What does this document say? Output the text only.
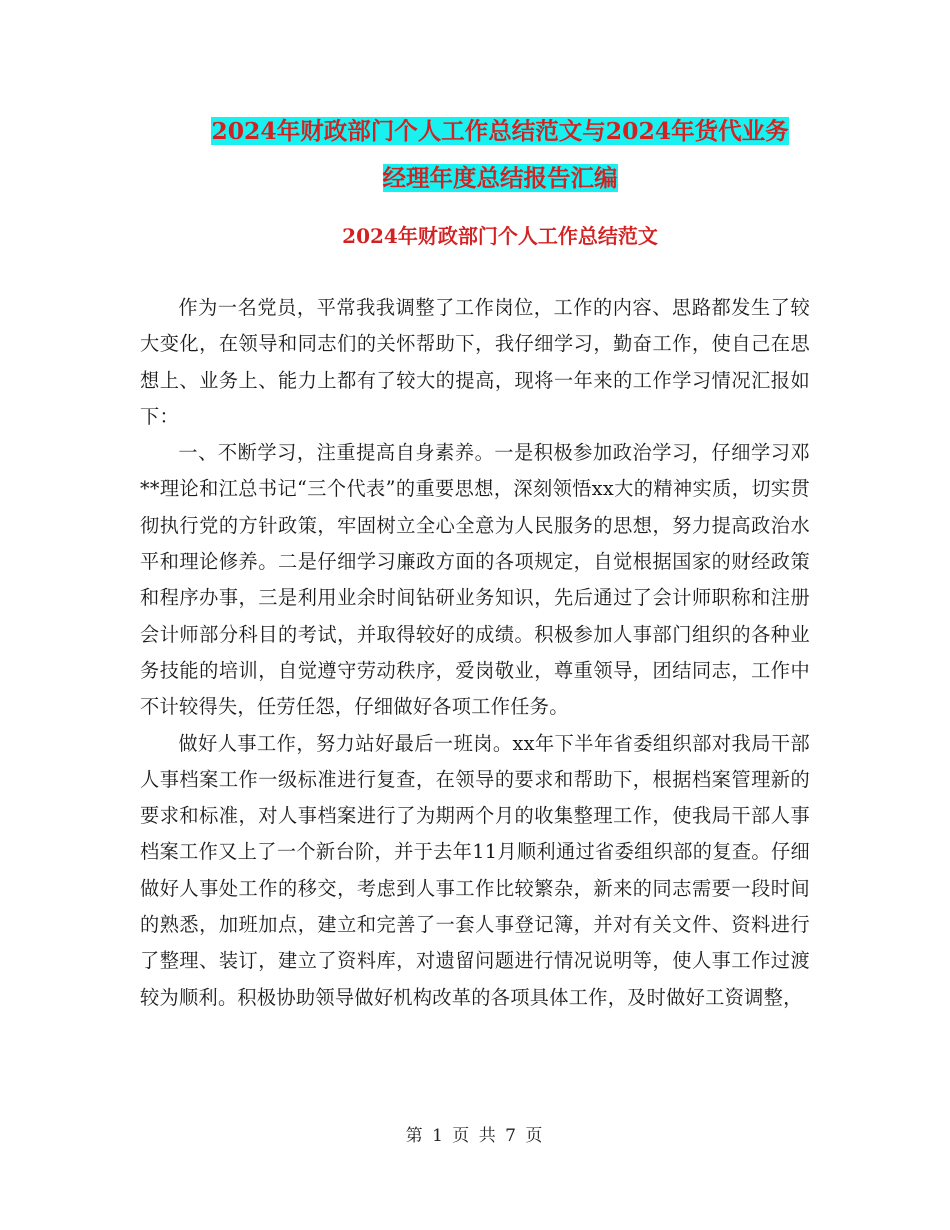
2024年财政部门个人工作总结范文与2024年货代业务
经理年度总结报告汇编
2024年财政部门个人工作总结范文

作为一名党员，平常我我调整了工作岗位，工作的内容、思路都发生了较大变化，在领导和同志们的关怀帮助下，我仔细学习，勤奋工作，使自己在思想上、业务上、能力上都有了较大的提高，现将一年来的工作学习情况汇报如下：

一、不断学习，注重提高自身素养。一是积极参加政治学习，仔细学习邓**理论和江总书记“三个代表”的重要思想，深刻领悟xx大的精神实质，切实贯彻执行党的方针政策，牢固树立全心全意为人民服务的思想，努力提高政治水平和理论修养。二是仔细学习廉政方面的各项规定，自觉根据国家的财经政策和程序办事，三是利用业余时间钻研业务知识，先后通过了会计师职称和注册会计师部分科目的考试，并取得较好的成绩。积极参加人事部门组织的各种业务技能的培训，自觉遵守劳动秩序，爱岗敬业，尊重领导，团结同志，工作中不计较得失，任劳任怨，仔细做好各项工作任务。

做好人事工作，努力站好最后一班岗。xx年下半年省委组织部对我局干部人事档案工作一级标准进行复查，在领导的要求和帮助下，根据档案管理新的要求和标准，对人事档案进行了为期两个月的收集整理工作，使我局干部人事档案工作又上了一个新台阶，并于去年11月顺利通过省委组织部的复查。仔细做好人事处工作的移交，考虑到人事工作比较繁杂，新来的同志需要一段时间的熟悉，加班加点，建立和完善了一套人事登记簿，并对有关文件、资料进行了整理、装订，建立了资料库，对遗留问题进行情况说明等，使人事工作过渡较为顺利。积极协助领导做好机构改革的各项具体工作，及时做好工资调整，

第 1 页 共 7 页
